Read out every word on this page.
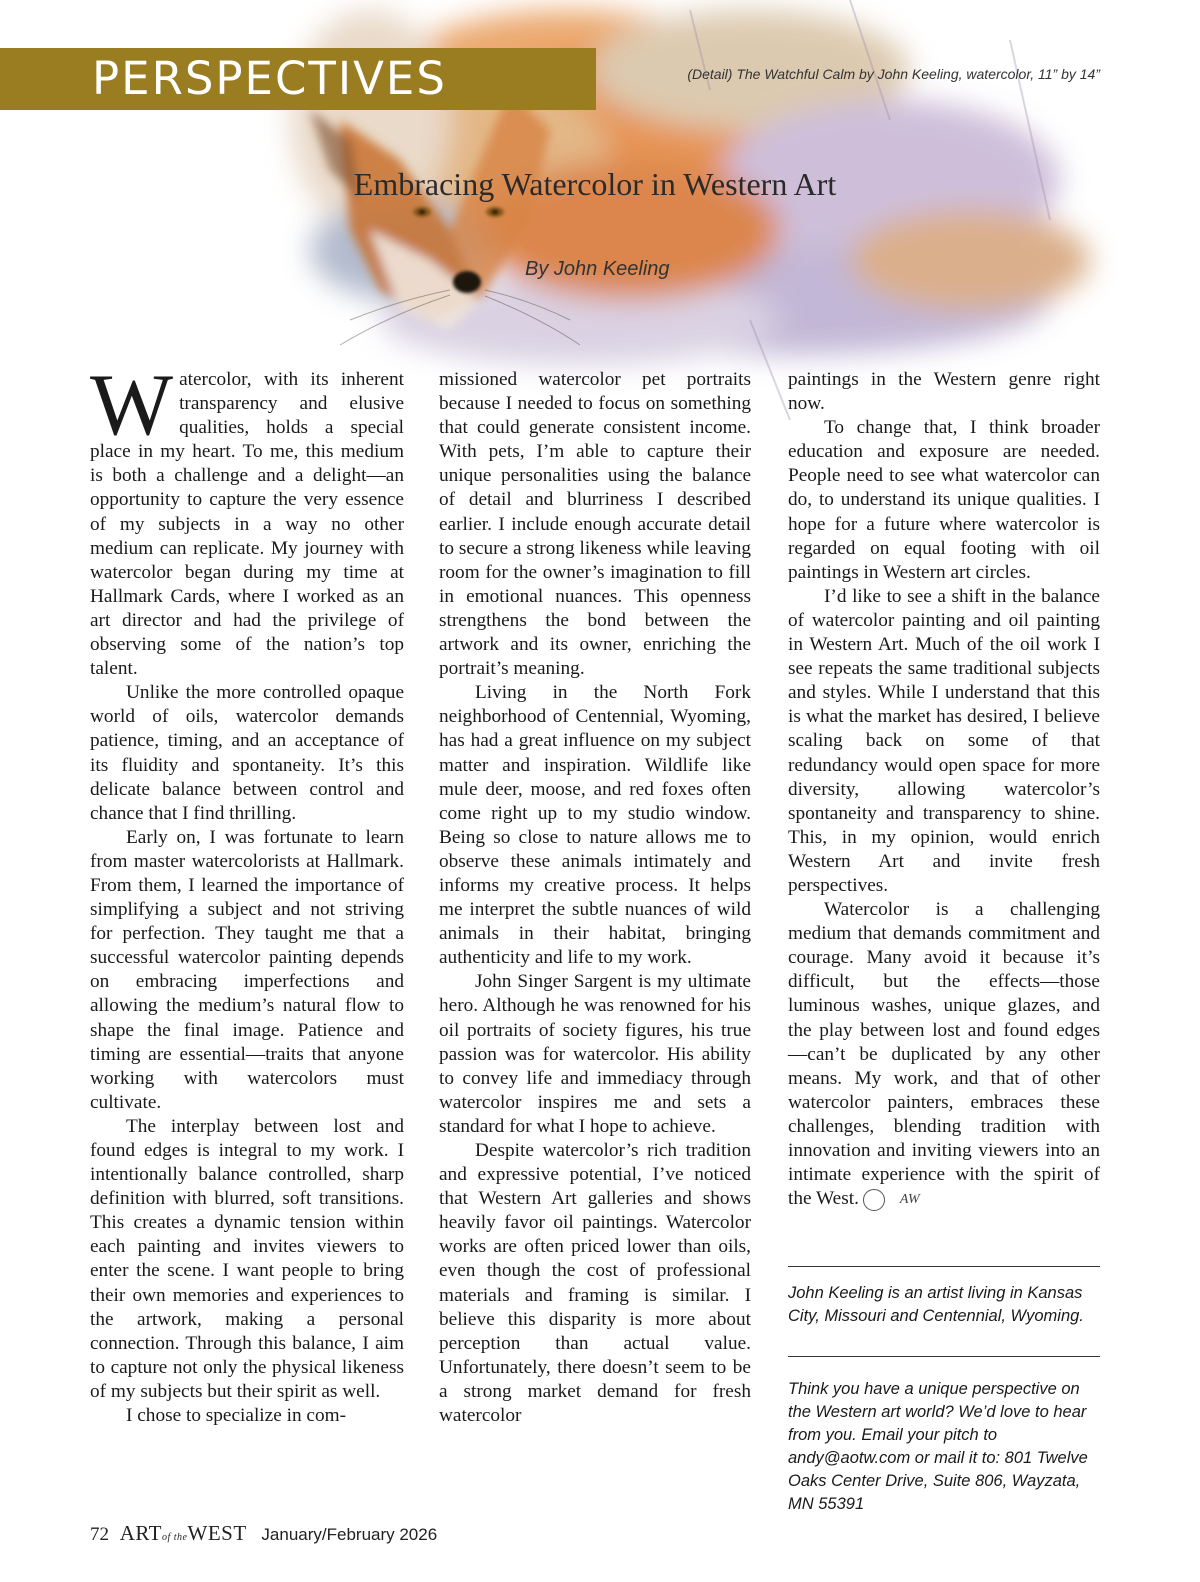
PERSPECTIVES	(Detail) The Watchful Calm by John Keeling, watercolor, 11” by 14”
Embracing Watercolor in Western Art
By John Keeling

Watercolor, with its inherent transparency and elusive qualities, holds a special place in my heart. To me, this medium is both a challenge and a delight—an opportunity to capture the very essence of my subjects in a way no other medium can replicate. My journey with watercolor began during my time at Hallmark Cards, where I worked as an art director and had the privilege of observing some of the nation’s top talent.

Unlike the more controlled opaque world of oils, watercolor demands patience, timing, and an acceptance of its fluidity and spontaneity. It’s this delicate balance between control and chance that I find thrilling.

Early on, I was fortunate to learn from master watercolorists at Hallmark. From them, I learned the importance of simplifying a subject and not striving for perfection. They taught me that a successful watercolor painting depends on embracing imperfections and allowing the medium’s natural flow to shape the final image. Patience and timing are essential—traits that anyone working with watercolors must cultivate.

The interplay between lost and found edges is integral to my work. I intentionally balance controlled, sharp definition with blurred, soft transitions. This creates a dynamic tension within each painting and invites viewers to enter the scene. I want people to bring their own memories and experiences to the artwork, making a personal connection. Through this balance, I aim to capture not only the physical likeness of my subjects but their spirit as well.

I chose to specialize in com-

missioned watercolor pet portraits because I needed to focus on something that could generate consistent income. With pets, I’m able to capture their unique personalities using the balance of detail and blurriness I described earlier. I include enough accurate detail to secure a strong likeness while leaving room for the owner’s imagination to fill in emotional nuances. This openness strengthens the bond between the artwork and its owner, enriching the portrait’s meaning.

Living in the North Fork neighborhood of Centennial, Wyoming, has had a great influence on my subject matter and inspiration. Wildlife like mule deer, moose, and red foxes often come right up to my studio window. Being so close to nature allows me to observe these animals intimately and informs my creative process. It helps me interpret the subtle nuances of wild animals in their habitat, bringing authenticity and life to my work.

John Singer Sargent is my ultimate hero. Although he was renowned for his oil portraits of society figures, his true passion was for watercolor. His ability to convey life and immediacy through watercolor inspires me and sets a standard for what I hope to achieve.

Despite watercolor’s rich tradition and expressive potential, I’ve noticed that Western Art galleries and shows heavily favor oil paintings. Watercolor works are often priced lower than oils, even though the cost of professional materials and framing is similar. I believe this disparity is more about perception than actual value. Unfortunately, there doesn’t seem to be a strong market demand for fresh watercolor

paintings in the Western genre right now.

To change that, I think broader education and exposure are needed. People need to see what watercolor can do, to understand its unique qualities. I hope for a future where watercolor is regarded on equal footing with oil paintings in Western art circles.

I’d like to see a shift in the balance of watercolor painting and oil painting in Western Art. Much of the oil work I see repeats the same traditional subjects and styles. While I understand that this is what the market has desired, I believe scaling back on some of that redundancy would open space for more diversity, allowing watercolor’s spontaneity and transparency to shine. This, in my opinion, would enrich Western Art and invite fresh perspectives.

Watercolor is a challenging medium that demands commitment and courage. Many avoid it because it’s difficult, but the effects—those luminous washes, unique glazes, and the play between lost and found edges—can’t be duplicated by any other means. My work, and that of other watercolor painters, embraces these challenges, blending tradition with innovation and inviting viewers into an intimate experience with the spirit of the West.	AW

John Keeling is an artist living in Kansas City, Missouri and Centennial, Wyoming.
Think you have a unique perspective on the Western art world? We’d love to hear from you. Email your pitch to andy@aotw.com or mail it to: 801 Twelve Oaks Center Drive, Suite 806, Wayzata, MN 55391
72 ARTof theWEST January/February 2026
